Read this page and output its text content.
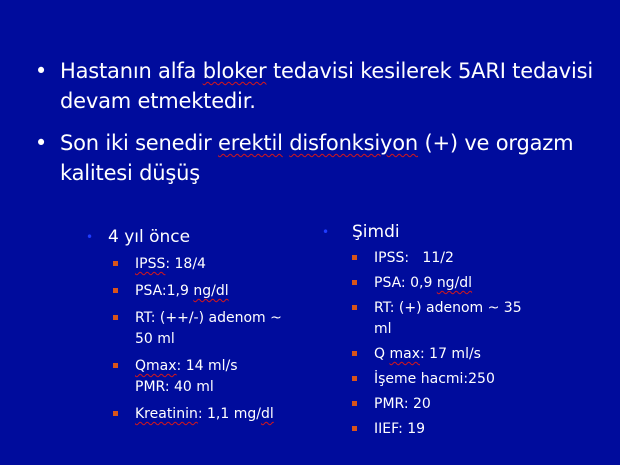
• Hastanın alfa bloker tedavisi kesilerek 5ARI tedavisi devam etmektedir.
• Son iki senedir erektil disfonksiyon (+) ve orgazm kalitesi düşüş
• 4 yıl önce
IPSS: 18/4
PSA:1,9 ng/dl
RT: (++/-) adenom ~ 50 ml
Qmax: 14 ml/s
PMR: 40 ml
Kreatinin: 1,1 mg/dl
• Şimdi
IPSS:   11/2
PSA: 0,9 ng/dl
RT: (+) adenom ~ 35 ml
Q max: 17 ml/s
İşeme hacmi:250
PMR: 20
IIEF: 19
